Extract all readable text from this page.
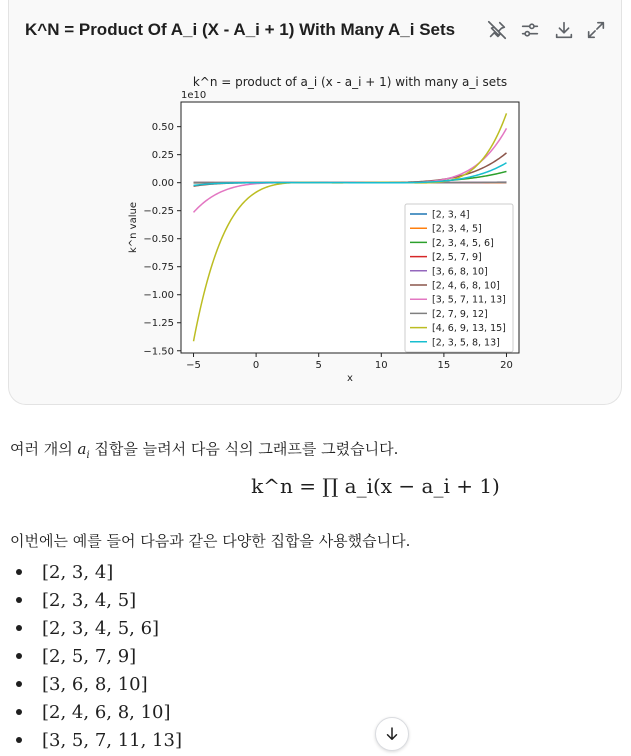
K^N = Product Of A_i (X - A_i + 1) With Many A_i Sets
k^n = product of a_i (x - a_i + 1) with many a_i sets
1e10
−5	0	5	10	15	20
0.50
0.25
0.00
−0.25
−0.50
−0.75
−1.00
−1.25
−1.50
x
k^n value	[2, 3, 4]
[2, 3, 4, 5]
[2, 3, 4, 5, 6]
[2, 5, 7, 9]
[3, 6, 8, 10]
[2, 4, 6, 8, 10]
[3, 5, 7, 11, 13]
[2, 7, 9, 12]
[4, 6, 9, 13, 15]
[2, 3, 5, 8, 13]
여러 개의 $a_i$ 집합을 늘려서 다음 식의 그래프를 그렸습니다.
k^n = ∏ a_i(x − a_i + 1)
이번에는 예를 들어 다음과 같은 다양한 집합을 사용했습니다.
[2, 3, 4]
[2, 3, 4, 5]
[2, 3, 4, 5, 6]
[2, 5, 7, 9]
[3, 6, 8, 10]
[2, 4, 6, 8, 10]
[3, 5, 7, 11, 13]
